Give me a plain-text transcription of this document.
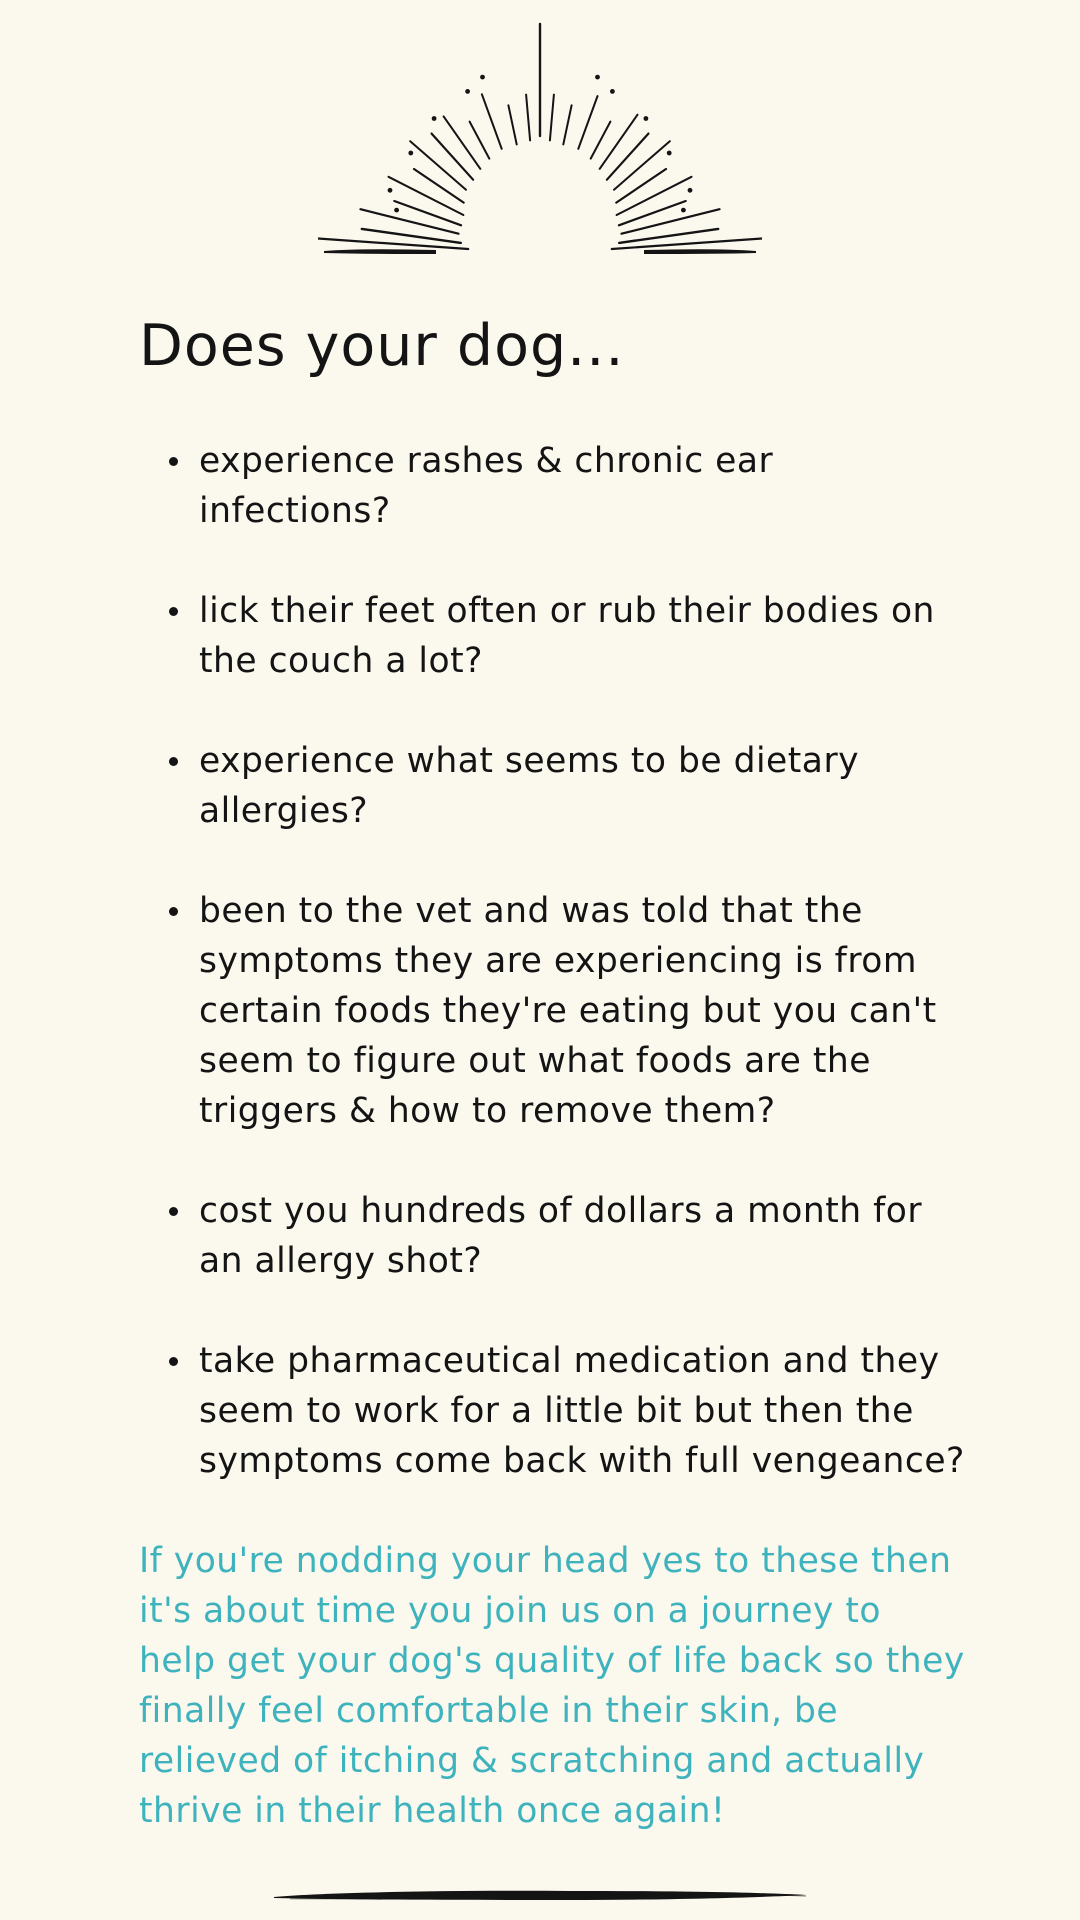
Does your dog...
experience rashes & chronic ear infections?
lick their feet often or rub their bodies on the couch a lot?
experience what seems to be dietary allergies?
been to the vet and was told that the symptoms they are experiencing is from certain foods they're eating but you can't seem to figure out what foods are the triggers & how to remove them?
cost you hundreds of dollars a month for an allergy shot?
take pharmaceutical medication and they seem to work for a little bit but then the symptoms come back with full vengeance?

If you're nodding your head yes to these then it's about time you join us on a journey to help get your dog's quality of life back so they finally feel comfortable in their skin, be relieved of itching & scratching and actually thrive in their health once again!
